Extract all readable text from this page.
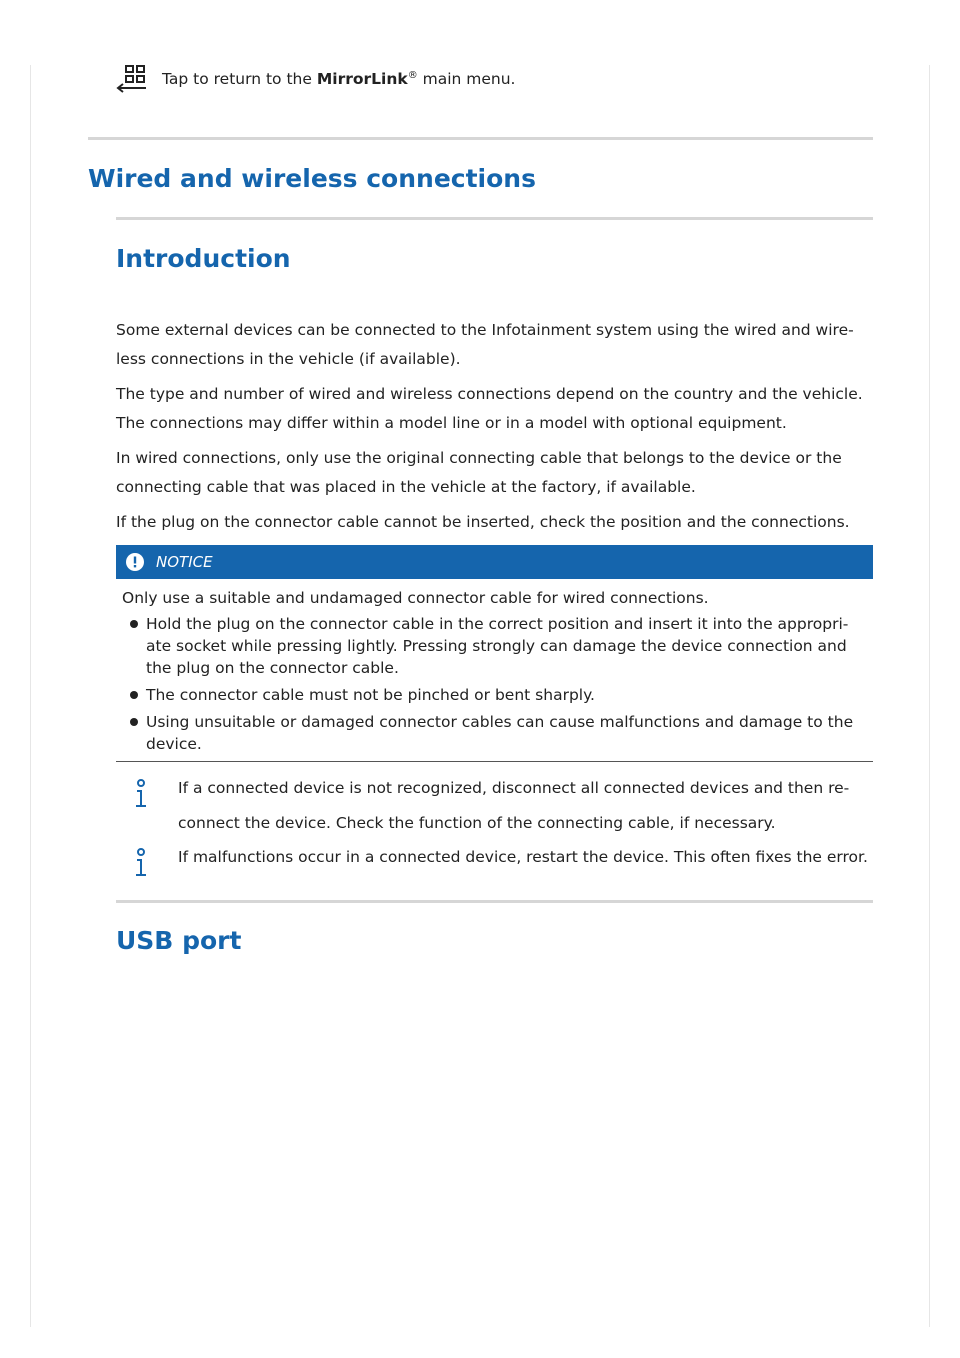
Tap to return to the MirrorLink® main menu.
Wired and wireless connections
Introduction

Some external devices can be connected to the Infotainment system using the wired and wire-less connections in the vehicle (if available).

The type and number of wired and wireless connections depend on the country and the vehicle. The connections may differ within a model line or in a model with optional equipment.

In wired connections, only use the original connecting cable that belongs to the device or the connecting cable that was placed in the vehicle at the factory, if available.

If the plug on the connector cable cannot be inserted, check the position and the connections.

NOTICE

Only use a suitable and undamaged connector cable for wired connections.

Hold the plug on the connector cable in the correct position and insert it into the appropri-ate socket while pressing lightly. Pressing strongly can damage the device connection and the plug on the connector cable.
The connector cable must not be pinched or bent sharply.
Using unsuitable or damaged connector cables can cause malfunctions and damage to the device.

If a connected device is not recognized, disconnect all connected devices and then re-connect the device. Check the function of the connecting cable, if necessary.

If malfunctions occur in a connected device, restart the device. This often fixes the error.

USB port
